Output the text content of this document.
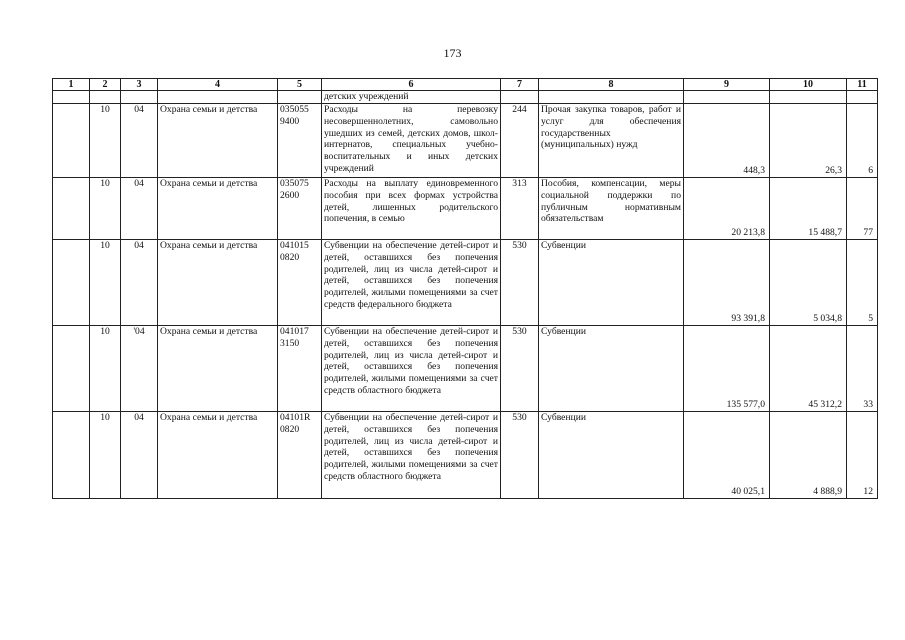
173
1	2	3	4	5	6	7	8	9	10	11
					детских учреждений					
	10	04	Охрана семьи и детства	035055 9400	Расходы на перевозку несовершеннолетних, самовольно ушедших из семей, детских домов, школ-интернатов, специальных учебно-воспитательных и иных детских учреждений	244	Прочая закупка товаров, работ и услуг для обеспечения государственных (муниципальных) нужд	448,3	26,3	6
	10	04	Охрана семьи и детства	035075 2600	Расходы на выплату единовременного пособия при всех формах устройства детей, лишенных родительского попечения, в семью	313	Пособия, компенсации, меры социальной поддержки по публичным нормативным обязательствам	20 213,8	15 488,7	77
	10	04	Охрана семьи и детства	041015 0820	Субвенции на обеспечение детей-сирот и детей, оставшихся без попечения родителей, лиц из числа детей-сирот и детей, оставшихся без попечения родителей, жилыми помещениями за счет средств федерального бюджета	530	Субвенции	93 391,8	5 034,8	5
	10	'04	Охрана семьи и детства	041017 3150	Субвенции на обеспечение детей-сирот и детей, оставшихся без попечения родителей, лиц из числа детей-сирот и детей, оставшихся без попечения родителей, жилыми помещениями за счет средств областного бюджета	530	Субвенции	135 577,0	45 312,2	33
	10	04	Охрана семьи и детства	04101R 0820	Субвенции на обеспечение детей-сирот и детей, оставшихся без попечения родителей, лиц из числа детей-сирот и детей, оставшихся без попечения родителей, жилыми помещениями за счет средств областного бюджета	530	Субвенции	40 025,1	4 888,9	12
